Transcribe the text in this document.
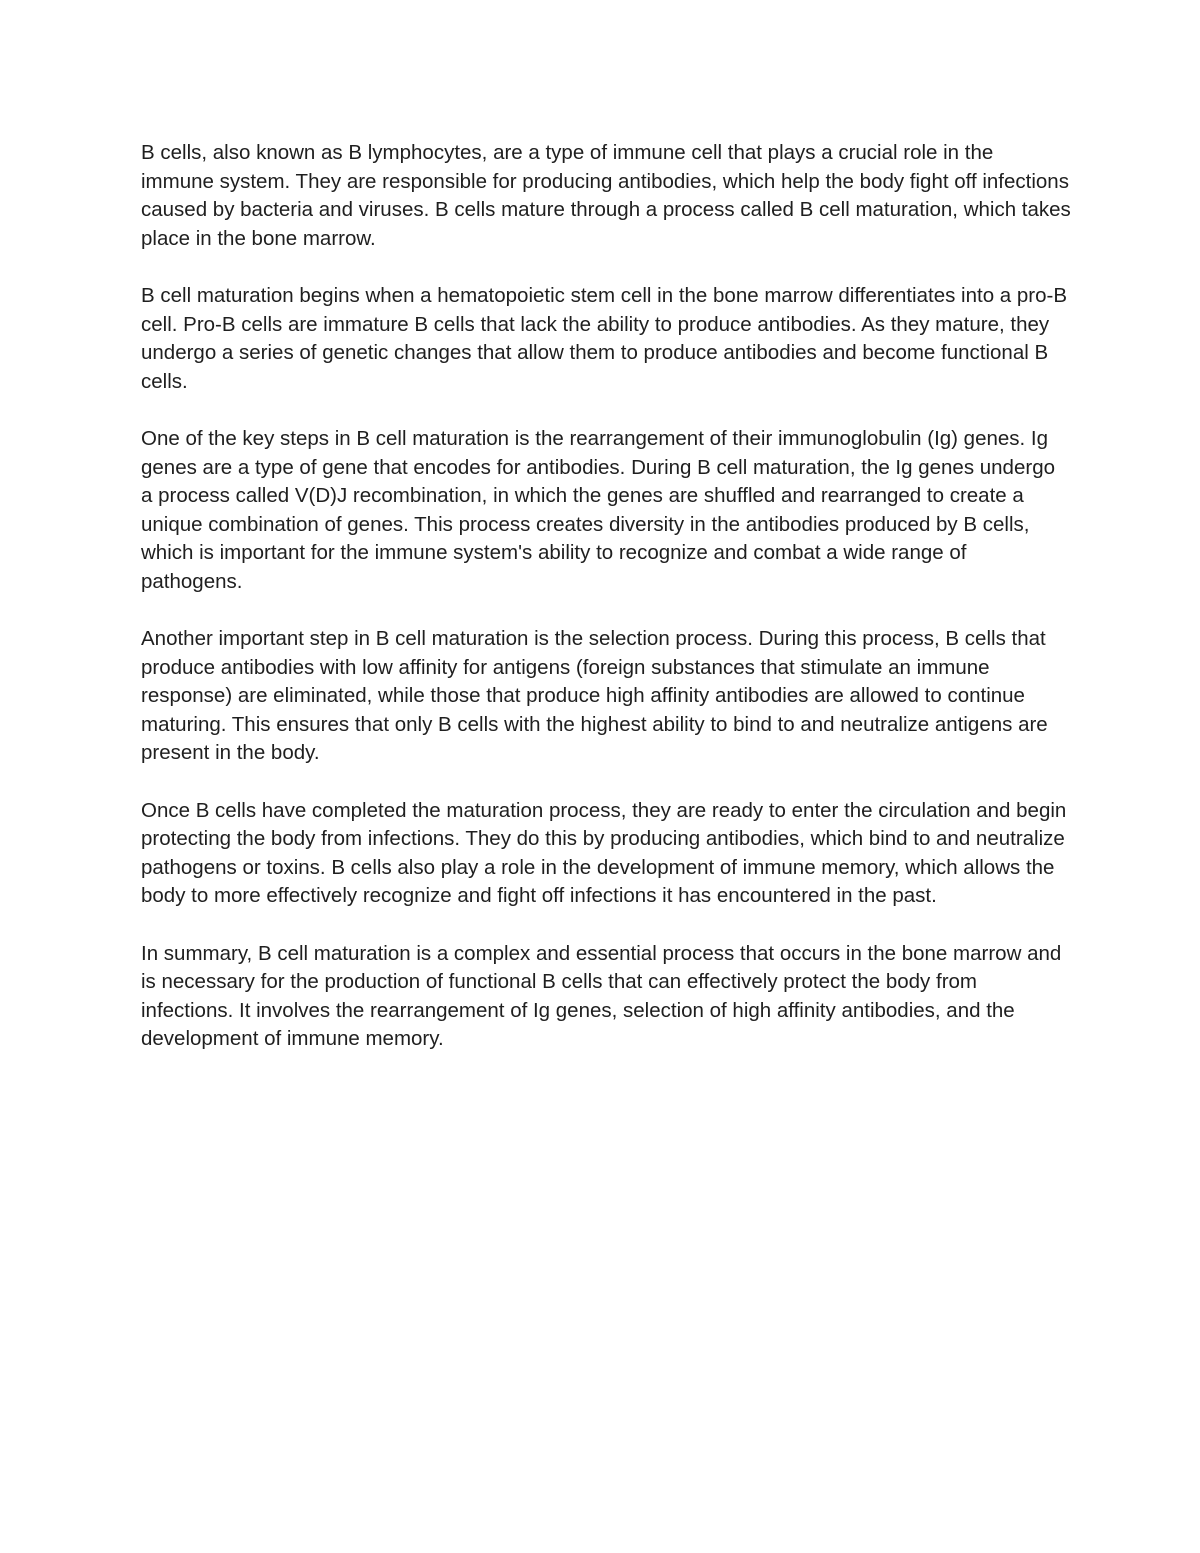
B cells, also known as B lymphocytes, are a type of immune cell that plays a crucial role in the immune system. They are responsible for producing antibodies, which help the body fight off infections caused by bacteria and viruses. B cells mature through a process called B cell maturation, which takes place in the bone marrow.

B cell maturation begins when a hematopoietic stem cell in the bone marrow differentiates into a pro-B cell. Pro-B cells are immature B cells that lack the ability to produce antibodies. As they mature, they undergo a series of genetic changes that allow them to produce antibodies and become functional B cells.

One of the key steps in B cell maturation is the rearrangement of their immunoglobulin (Ig) genes. Ig genes are a type of gene that encodes for antibodies. During B cell maturation, the Ig genes undergo a process called V(D)J recombination, in which the genes are shuffled and rearranged to create a unique combination of genes. This process creates diversity in the antibodies produced by B cells, which is important for the immune system's ability to recognize and combat a wide range of pathogens.

Another important step in B cell maturation is the selection process. During this process, B cells that produce antibodies with low affinity for antigens (foreign substances that stimulate an immune response) are eliminated, while those that produce high affinity antibodies are allowed to continue maturing. This ensures that only B cells with the highest ability to bind to and neutralize antigens are present in the body.

Once B cells have completed the maturation process, they are ready to enter the circulation and begin protecting the body from infections. They do this by producing antibodies, which bind to and neutralize pathogens or toxins. B cells also play a role in the development of immune memory, which allows the body to more effectively recognize and fight off infections it has encountered in the past.

In summary, B cell maturation is a complex and essential process that occurs in the bone marrow and is necessary for the production of functional B cells that can effectively protect the body from infections. It involves the rearrangement of Ig genes, selection of high affinity antibodies, and the development of immune memory.
